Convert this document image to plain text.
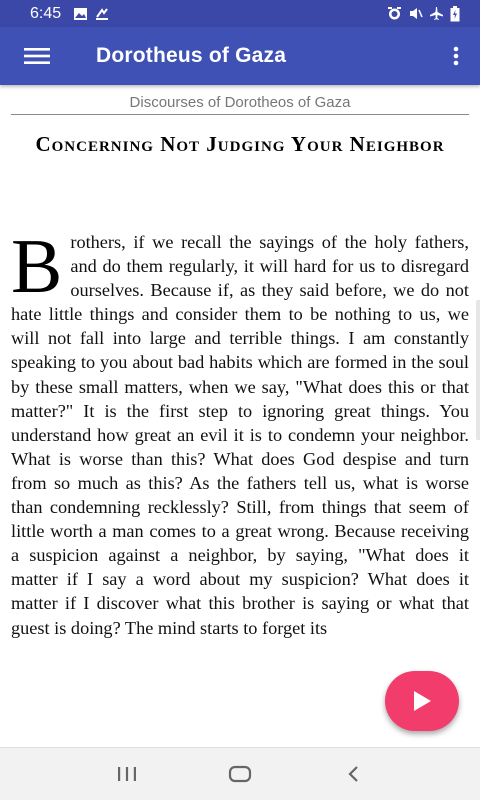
6:45
Dorotheus of Gaza
Discourses of Dorotheos of Gaza
Concerning Not Judging Your Neighbor
Brothers, if we recall the sayings of the holy fathers, and do them regularly, it will hard for us to disregard ourselves. Because if, as they said before, we do not hate little things and consider them to be nothing to us, we will not fall into large and terrible things. I am constantly speaking to you about bad habits which are formed in the soul by these small matters, when we say, "What does this or that matter?" It is the first step to ignoring great things. You understand how great an evil it is to condemn your neighbor. What is worse than this? What does God despise and turn from so much as this? As the fathers tell us, what is worse than condemning recklessly? Still, from things that seem of little worth a man comes to a great wrong. Because receiving a suspicion against a neighbor, by saying, "What does it matter if I say a word about my suspicion? What does it matter if I discover what this brother is saying or what that guest is doing? The mind starts to forget its
